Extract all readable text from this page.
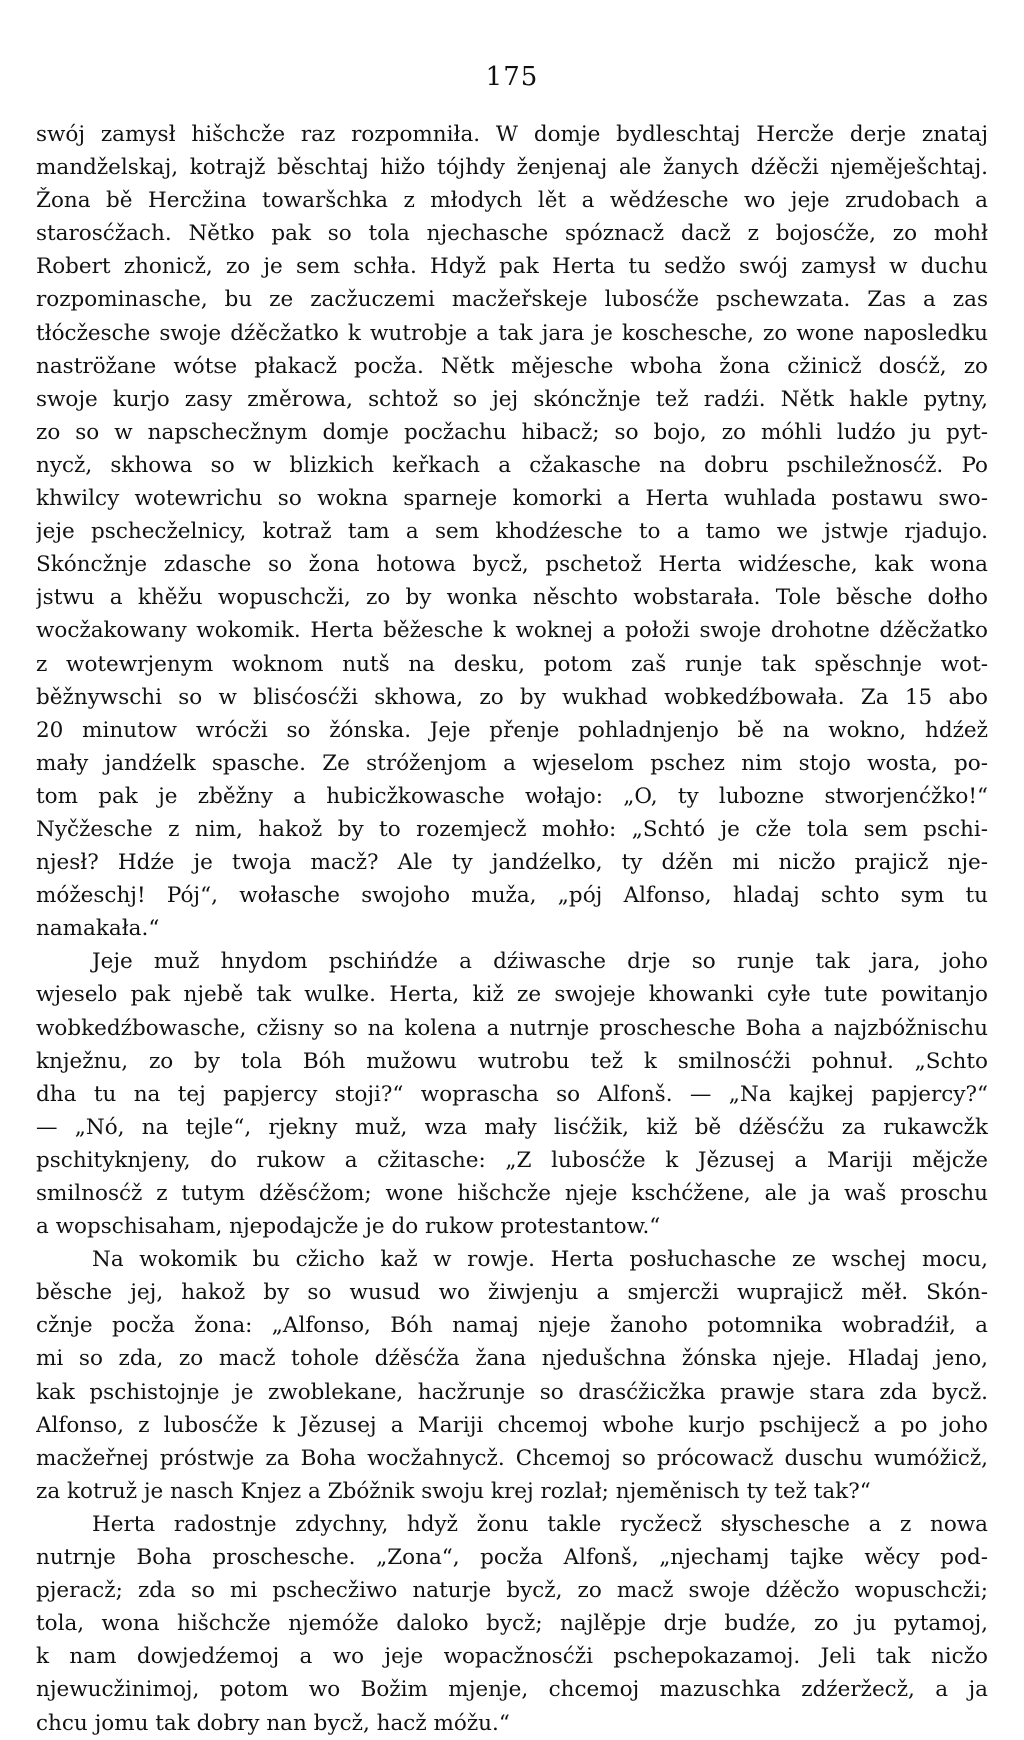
175
swój zamysł hišchcže raz rozpomniła. W domje bydleschtaj Hercže derje znataj
mandželskaj, kotrajž běschtaj hižo tójhdy ženjenaj ale žanych dźěcži njeměješchtaj.
Žona bě Hercžina towaršchka z młodych lět a wědźesche wo jeje zrudobach a
starosćžach. Nětko pak so tola njechasche spóznacž dacž z bojosćže, zo mohł
Robert zhonicž, zo je sem schła. Hdyž pak Herta tu sedžo swój zamysł w duchu
rozpominasche, bu ze zacžuczemi macžeřskeje lubosćže pschewzata. Zas a zas
tłócžesche swoje dźěcžatko k wutrobje a tak jara je koschesche, zo wone naposledku
naströžane wótse płakacž pocža. Nětk mějesche wboha žona cžinicž dosćž, zo
swoje kurjo zasy změrowa, schtož so jej skóncžnje tež radźi. Nětk hakle pytny,
zo so w napschecžnym domje pocžachu hibacž; so bojo, zo móhli ludźo ju pyt-
nycž, skhowa so w blizkich keřkach a cžakasche na dobru pschiležnosćž. Po
khwilcy wotewrichu so wokna sparneje komorki a Herta wuhlada postawu swo-
jeje pschecželnicy, kotraž tam a sem khodźesche to a tamo we jstwje rjadujo.
Skóncžnje zdasche so žona hotowa bycž, pschetož Herta widźesche, kak wona
jstwu a khěžu wopuschcži, zo by wonka něschto wobstarała. Tole běsche dołho
wocžakowany wokomik. Herta běžesche k woknej a połoži swoje drohotne dźěcžatko
z wotewrjenym woknom nutš na desku, potom zaš runje tak spěschnje wot-
běžnywschi so w blisćosćži skhowa, zo by wukhad wobkedźbowała. Za 15 abo
20 minutow wrócži so žónska. Jeje přenje pohladnjenjo bě na wokno, hdźež
mały jandźelk spasche. Ze stróženjom a wjeselom pschez nim stojo wosta, po-
tom pak je zběžny a hubicžkowasche wołajo: „O, ty lubozne stworjenćžko!“
Nyčžesche z nim, hakož by to rozemjecž mohło: „Schtó je cže tola sem pschi-
njesł? Hdźe je twoja macž? Ale ty jandźelko, ty dźěn mi nicžo prajicž nje-
móžeschj! Pój“, wołasche swojoho muža, „pój Alfonso, hladaj schto sym tu
namakała.“
Jeje muž hnydom pschińdźe a dźiwasche drje so runje tak jara, joho
wjeselo pak njebě tak wulke. Herta, kiž ze swojeje khowanki cyłe tute powitanjo
wobkedźbowasche, cžisny so na kolena a nutrnje proschesche Boha a najzbóžnischu
knježnu, zo by tola Bóh mužowu wutrobu tež k smilnosćži pohnuł. „Schto
dha tu na tej papjercy stoji?“ woprascha so Alfonš. — „Na kajkej papjercy?“
— „Nó, na tejle“, rjeknу muž, wza mały lisćžik, kiž bě dźěsćžu za rukawcžk
pschityknjeny, do rukow a cžitasche: „Z lubosćže k Jězusej a Mariji mějcže
smilnosćž z tutym dźěsćžom; wone hišchcže njeje kschćžene, ale ja waš proschu
a wopschisaham, njepodajcže je do rukow protestantow.“
Na wokomik bu cžicho kaž w rowje. Herta posłuchasche ze wschej mocu,
běsche jej, hakož by so wusud wo žiwjenju a smjercži wuprajicž měł. Skón-
cžnje pocža žona: „Alfonso, Bóh namaj njeje žanoho potomnika wobradźił, a
mi so zda, zo macž toholе dźěsćža žana njedušchna žónska njeje. Hladaj jeno,
kak pschistojnje je zwoblekane, hacžrunje so drasćžicžka prawje stara zda bycž.
Alfonso, z lubosćže k Jězusej a Mariji chcemoj wbohe kurjo pschijecž a po joho
macžeřnej próstwje za Boha wocžahnycž. Chcemoj so prócowacž duschu wumóžicž,
za kotruž je nasch Knjez a Zbóžnik swoju krej rozlał; njeměnisch ty tež tak?“
Herta radostnje zdychny, hdyž žonu takle rycžecž słyschesche a z nowa
nutrnje Boha proschesche. „Zona“, pocža Alfonš, „njechamj tajke wěcy pod-
pjeracž; zda so mi pschecžiwo naturje bycž, zo macž swoje dźěcžo wopuschcži;
tola, wona hišchcže njemóže daloko bycž; najlěpje drje budźe, zo ju pytamoj,
k nam dowjedźemoj a wo jeje wopacžnosćži pschepokazamoj. Jeli tak nicžo
njewucžinimoj, potom wo Božim mjenje, chcemoj mazuschka zdźeržecž, a ja
chcu jomu tak dobry nan bycž, hacž móžu.“
